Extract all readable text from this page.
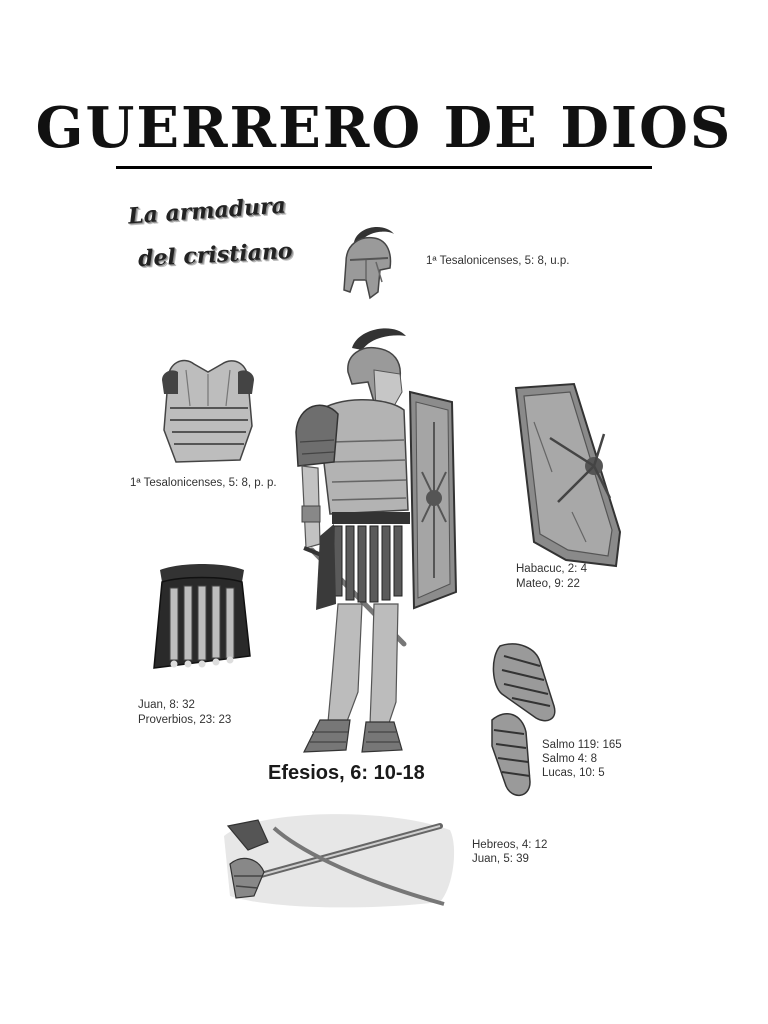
GUERRERO DE DIOS
La armadura
del cristiano	1ª Tesalonicenses, 5: 8, u.p.
1ª Tesalonicenses, 5: 8, p. p.
Habacuc, 2: 4
Mateo, 9: 22
Juan, 8: 32
Proverbios, 23: 23
Efesios, 6: 10-18
Salmo 119: 165
Salmo 4: 8
Lucas, 10: 5
Hebreos, 4: 12
Juan, 5: 39
